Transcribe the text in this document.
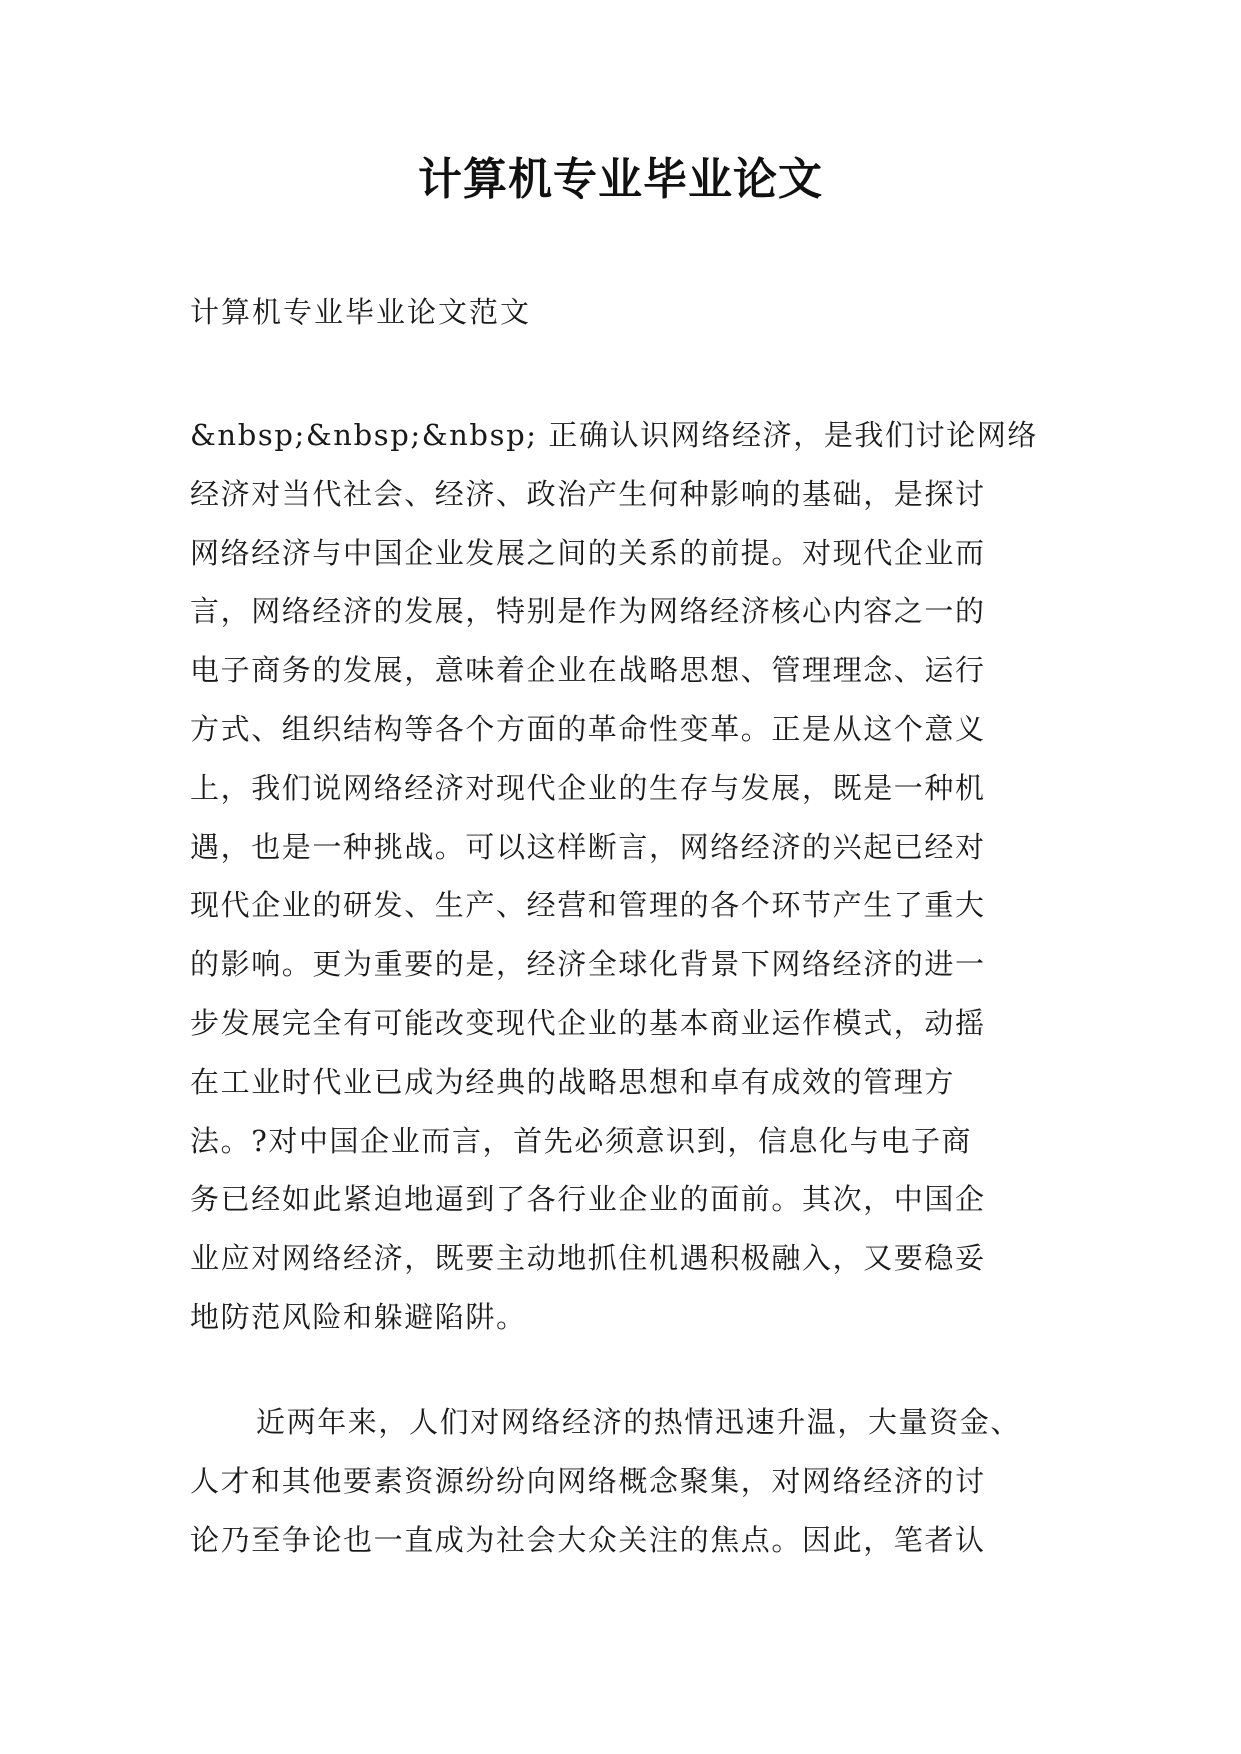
计算机专业毕业论文
计算机专业毕业论文范文
&nbsp;&nbsp;&nbsp; 正确认识网络经济，是我们讨论网络
经济对当代社会、经济、政治产生何种影响的基础，是探讨
网络经济与中国企业发展之间的关系的前提。对现代企业而
言，网络经济的发展，特别是作为网络经济核心内容之一的
电子商务的发展，意味着企业在战略思想、管理理念、运行
方式、组织结构等各个方面的革命性变革。正是从这个意义
上，我们说网络经济对现代企业的生存与发展，既是一种机
遇，也是一种挑战。可以这样断言，网络经济的兴起已经对
现代企业的研发、生产、经营和管理的各个环节产生了重大
的影响。更为重要的是，经济全球化背景下网络经济的进一
步发展完全有可能改变现代企业的基本商业运作模式，动摇
在工业时代业已成为经典的战略思想和卓有成效的管理方
法。?对中国企业而言，首先必须意识到，信息化与电子商
务已经如此紧迫地逼到了各行业企业的面前。其次，中国企
业应对网络经济，既要主动地抓住机遇积极融入，又要稳妥
地防范风险和躲避陷阱。
近两年来，人们对网络经济的热情迅速升温，大量资金、
人才和其他要素资源纷纷向网络概念聚集，对网络经济的讨
论乃至争论也一直成为社会大众关注的焦点。因此，笔者认
